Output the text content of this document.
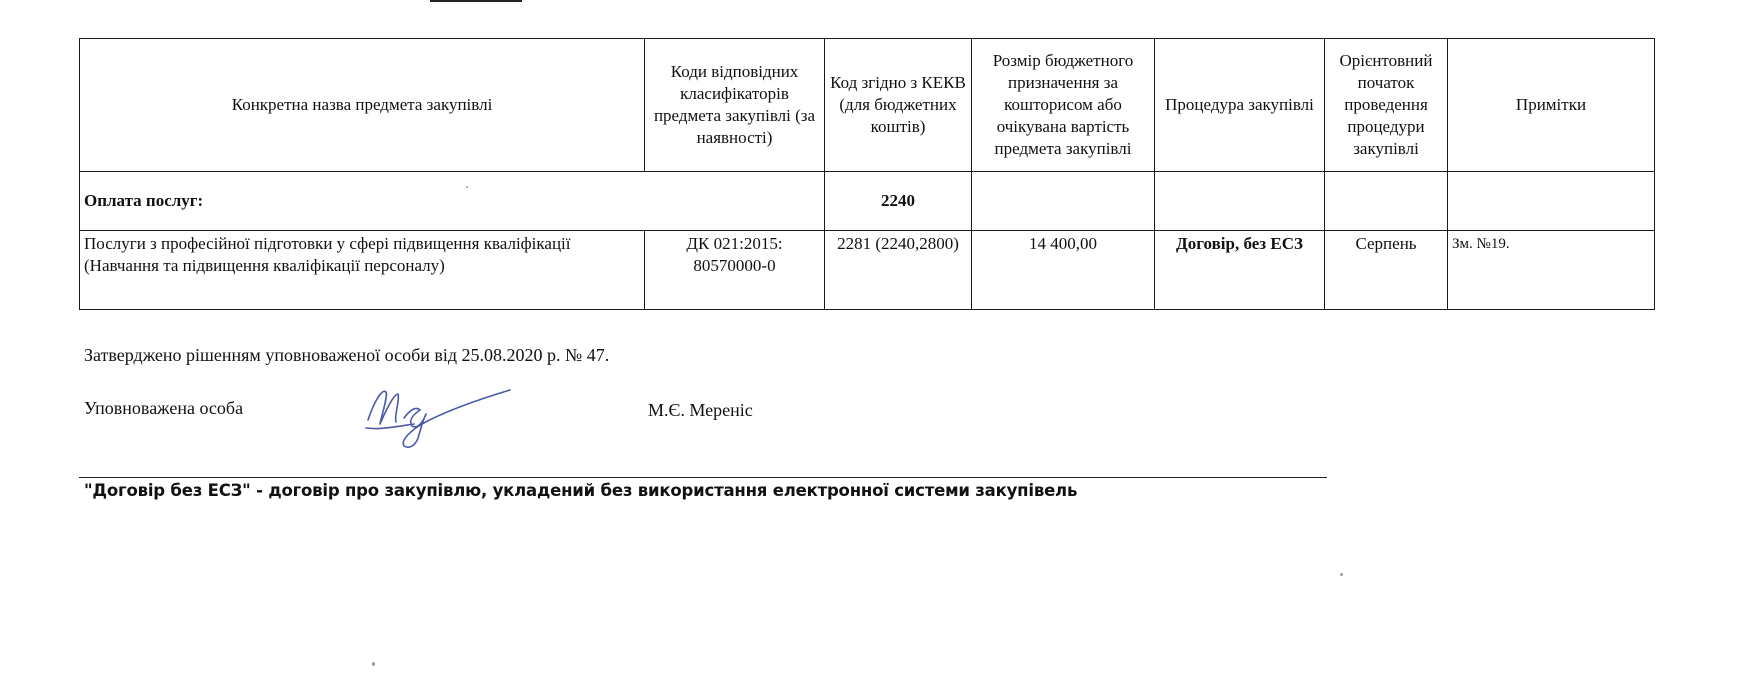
Конкретна назва предмета закупівлі	Коди відповідних класифікаторів предмета закупівлі (за наявності)	Код згідно з КЕКВ (для бюджетних коштів)	Розмір бюджетного призначення за кошторисом або очікувана вартість предмета закупівлі	Процедура закупівлі	Орієнтовний початок проведення процедури закупівлі	Примітки
Оплата послуг:		2240				
Послуги з професійної підготовки у сфері підвищення кваліфікації (Навчання та підвищення кваліфікації персоналу)	ДК 021:2015: 80570000-0	2281 (2240,2800)	14 400,00	Договір, без ЕСЗ	Серпень	Зм. №19.
Затверджено рішенням уповноваженої особи від 25.08.2020 р. № 47.
Уповноважена особа	М.Є. Мереніс
"Договір без ЕСЗ" - договір про закупівлю, укладений без використання електронної системи закупівель
